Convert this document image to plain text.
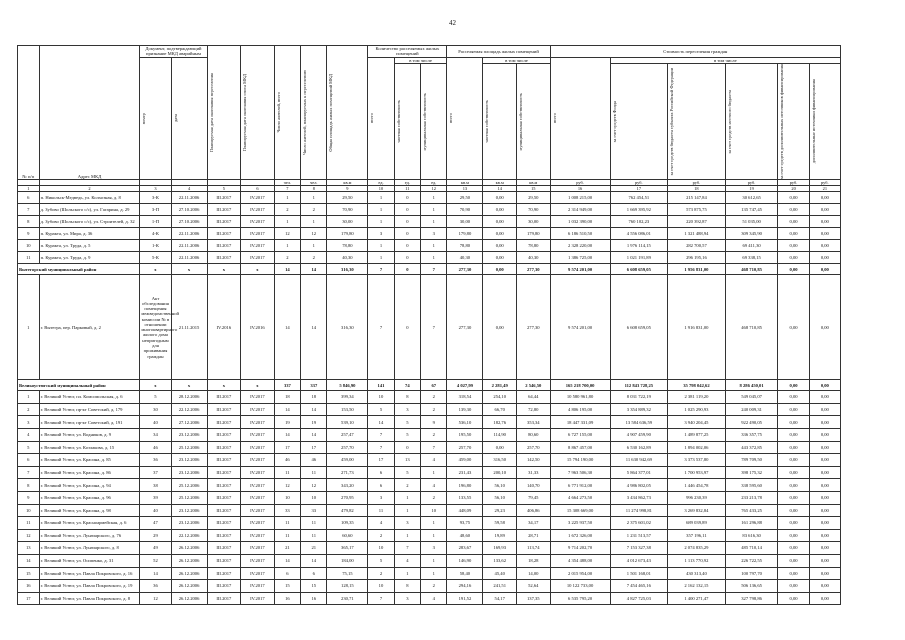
42
№ п/п	Адрес МКД	Документ, подтверждающий признание МКД аварийным		Планируемая дата окончания переселения	Планируемая дата окончания сноса МКД	Число жителей, всего	Число жителей, планируемых к переселению	Общая площадь жилых помещений МКД	Количество расселяемых жилых помещений			Расселяемая площадь жилых помещений			Стоимость переселения граждан					

		номер	дата						всего	в том числе		всего	в том числе		всего	в том числе				

										частная собственность	муниципальная собственность		частная собственность	муниципальная собственность		за счет средств Фонда	за счет средств бюджета субъекта Российской Федерации	за счет средств местного бюджета	за счет средств дополнительных источников финансирования	дополнительные источники финансирования

						чел.	чел.	кв.м	ед.	ед.	ед.	кв.м	кв.м	кв.м	руб.	руб.	руб.	руб.	руб.	руб.
1	2	3	4	5	6	7	8	9	10	11	12	13	14	15	16	17	18	19	20	21
6	п. Никольск-Медведь, ул. Колхозная, д. 8	3-К	22.11.2006	III.2017	IV.2017	1	1	29,50	1	0	1	29,50	0,00	29,50	1 008 215,00	762 454,51	215 147,84	30 612,65	0,00	0,00
7	д. Зубово (Шольского с/с), ул. Гагарина, д. 29	3-П	27.10.2006	III.2017	IV.2017	2	2	70,90	1	0	1	70,90	0,00	70,90	2 314 949,00	1 669 395,92	573 875,75	135 747,45	0,00	0,00
8	д. Зубово (Шольского с/с), ул. Строителей, д. 32	1-П	27.10.2006	III.2017	IV.2017	1	1	30,00	1	0	1	30,00	0,00	30,00	1 032 390,00	760 102,23	220 392,87	51 035,00	0,00	0,00
9	п. Куракта, ул. Мира, д. 36	4-К	22.11.2006	III.2017	IV.2017	12	12	179,80	3	0	3	179,80	0,00	179,80	6 186 510,50	4 556 086,01	1 321 488,94	309 345,90	0,00	0,00
10	п. Куракта, ул. Труда, д. 5	1-К	22.11.2006	III.2017	IV.2017	1	1	78,80	1	0	1	78,80	0,00	78,80	2 328 220,00	1 976 114,15	282 700,57	69 411,30	0,00	0,00
11	п. Куракта, ул. Труда, д. 9	5-К	22.11.2006	III.2017	IV.2017	2	2	40,30	1	0	1	40,30	0,00	40,30	1 386 725,00	1 021 191,89	296 195,16	69 338,15	0,00	0,00
Вытегорский муниципальный район		x	x	x	x	14	14	316,30	7	0	7	277,30	0,00	277,30	9 574 201,00	6 608 659,05	1 956 831,00	468 710,85	0,00	0,00
1	г. Вытегра, пер. Парковый, д. 2	Акт обследования помещения межведомственной комиссии № в отношении многоквартирного жилого дома непригодным для проживания граждан	21.11.2015	IV.2016	IV.2016	14	14	316,30	7	0	7	277,30	0,00	277,30	9 574 201,00	6 608 659,05	1 916 831,00	468 710,85	0,00	0,00
Великоустюгский муниципальный район		x	x	x	x	337	337	5 846,90	141	74	67	4 027,99	2 281,49	2 546,50	165 218 700,00	112 843 728,25	35 798 042,62	8 286 450,01	0,00	0,00
1	г. Великий Устюг, пл. Комсомольская, д. 6	5	28.12.2006	III.2017	IV.2017	18	18	399,34	10	8	2	318,54	254,10	64,44	10 580 961,80	8 031 722,19	2 381 119,20	549 045,07	0,00	0,00
2	г. Великий Устюг, пр-кт Советский, д. 179	30	22.12.2006	III.2017	IV.2017	14	14	153,50	5	3	2	139,30	66,70	72,80	4 806 195,00	3 354 889,32	1 025 290,93	240 009,31	0,00	0,00
3	г. Великий Устюг, пр-кт Советский, д. 191	40	27.12.2006	III.2017	IV.2017	19	19	539,10	14	5	9	536,10	182,76	353,34	18 447 331,09	13 584 636,59	3 940 204,45	922 490,05	0,00	0,00
4	г. Великий Устюг, ул. Водников, д. 9	34	23.12.2006	III.2017	IV.2017	14	14	257,47	7	5	2	195,50	114,90	80,60	6 727 155,00	4 907 459,90	1 489 877,25	336 357,75	0,00	0,00
5	г. Великий Устюг, ул. Козлакова, д. 15	46	25.12.2006	III.2017	IV.2017	17	17	257,70	7	0	7	257,70	0,00	257,70	8 867 457,00	6 530 162,89	1 894 002,06	443 372,85	0,00	0,00
6	г. Великий Устюг, ул. Красина, д. 85	36	23.12.2006	III.2017	IV.2017	46	46	459,00	17	13	4	459,00	316,50	142,50	15 794 190,00	11 630 942,69	3 373 537,80	789 709,50	0,00	0,00
7	г. Великий Устюг, ул. Красина, д. 86	37	23.12.2006	III.2017	IV.2017	11	11	271,73	6	5	1	231,43	200,10	31,33	7 963 506,30	5 864 377,01	1 700 953,97	398 175,32	0,00	0,00
8	г. Великий Устюг, ул. Красина, д. 94	38	25.12.2006	III.2017	IV.2017	12	12	343,20	6	2	4	196,80	56,10	140,70	6 771 912,00	4 986 802,05	1 446 454,78	338 595,60	0,00	0,00
9	г. Великий Устюг, ул. Красина, д. 96	39	25.12.2006	III.2017	IV.2017	10	10	270,95	3	1	2	133,55	56,10	79,45	4 664 273,50	3 434 862,73	996 230,39	233 213,78	0,00	0,00
10	г. Великий Устюг, ул. Красина, д. 98	40	23.12.2006	III.2017	IV.2017	33	33	479,82	11	1	10	448,09	29,23	406,86	15 308 669,00	11 274 998,81	3 269 832,84	765 433,25	0,00	0,00
11	г. Великий Устюг, ул. Красноармейская, д. 6	47	23.12.2006	III.2017	IV.2017	11	11	109,35	4	3	1	93,75	59,58	34,17	3 225 937,50	2 375 601,02	689 039,89	161 296,88	0,00	0,00
12	г. Великий Устюг, ул. Луначарского, д. 76	29	22.12.2006	III.2017	IV.2017	11	11	60,60	2	1	1	48,60	19,89	28,71	1 672 326,00	1 231 513,57	357 196,11	83 616,30	0,00	0,00
13	г. Великий Устюг, ул. Луначарского, д. 8	49	26.12.2006	III.2017	IV.2017	21	21	365,17	10	7	3	283,67	169,93	113,74	9 714 202,70	7 153 327,38	2 074 835,29	485 710,14	0,00	0,00
14	г. Великий Устюг, ул. Осипенко, д. 31	52	26.12.2006	III.2017	IV.2017	14	14	184,00	5	4	1	146,90	133,62	18,28	4 354 488,00	4 012 673,43	1 113 770,92	226 722,55	0,00	0,00
15	г. Великий Устюг, ул. Павла Покровского, д. 16	14	26.12.2006	III.2017	IV.2017	6	6	75,15	2	1	1	58,40	45,40	14,00	2 015 954,00	1 501 168,01	430 313,40	100 797,70	0,00	0,00
16	г. Великий Устюг, ул. Павла Покровского, д. 19	36	26.12.2006	III.2017	IV.2017	15	15	128,15	10	8	2	294,16	241,51	52,64	10 122 733,00	7 454 465,16	2 162 132,15	506 136,65	0,00	0,00
17	г. Великий Устюг, ул. Павла Покровского, д. 8	12	26.12.2006	III.2017	IV.2017	16	16	230,71	7	3	4	191,52	54,17	137,35	6 535 795,20	4 827 725,03	1 400 271,47	327 798,86	0,00	0,00
